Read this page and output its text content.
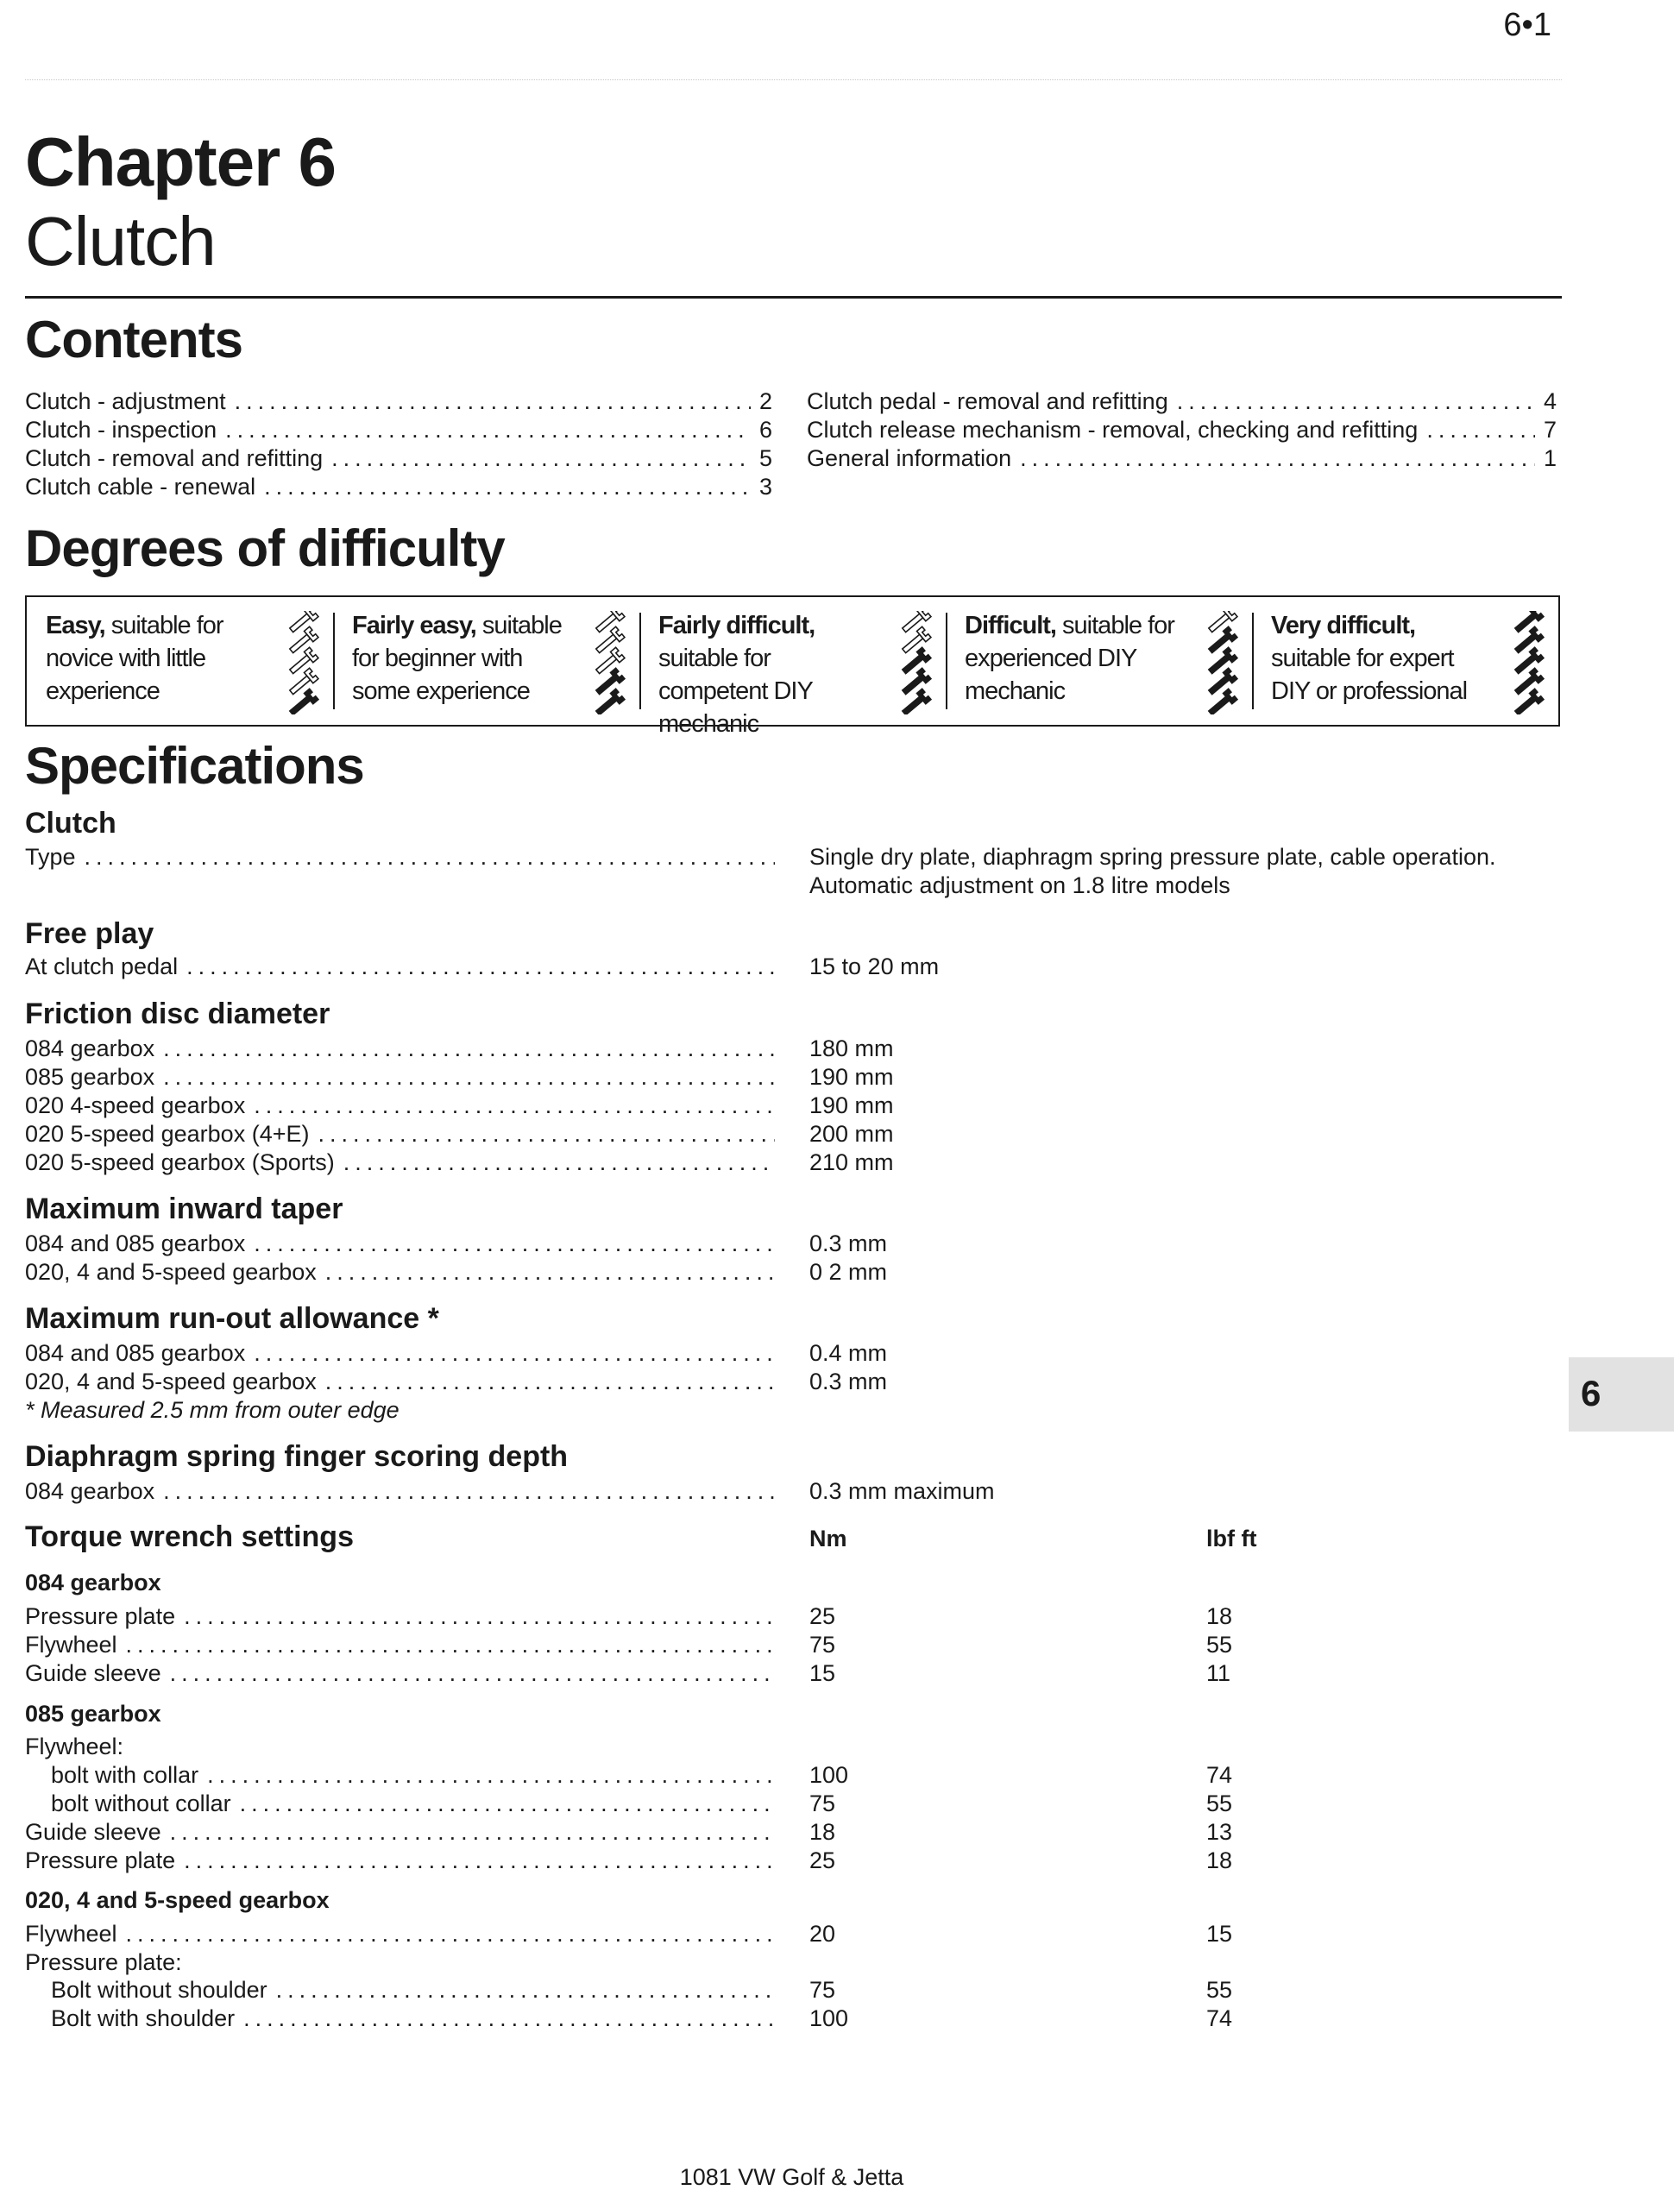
6•1
Chapter 6
Clutch
Contents
Clutch - adjustment .....	2
Clutch - inspection .....	6
Clutch - removal and refitting .....	5
Clutch cable - renewal .....	3
Clutch pedal - removal and refitting .....	4
Clutch release mechanism - removal, checking and refitting .....	7
General information .....	1
Degrees of difficulty
Easy, suitable for novice with little experience
Fairly easy, suitable for beginner with some experience
Fairly difficult, suitable for competent DIY mechanic
Difficult, suitable for experienced DIY mechanic
Very difficult, suitable for expert DIY or professional
Specifications
Clutch
Type .....	Single dry plate, diaphragm spring pressure plate, cable operation.
Automatic adjustment on 1.8 litre models
Free play
At clutch pedal .....	15 to 20 mm
Friction disc diameter
084 gearbox .....	180 mm
085 gearbox .....	190 mm
020 4-speed gearbox .....	190 mm
020 5-speed gearbox (4+E) .....	200 mm
020 5-speed gearbox (Sports) .....	210 mm
Maximum inward taper
084 and 085 gearbox .....	0.3 mm
020, 4 and 5-speed gearbox .....	0 2 mm
Maximum run-out allowance *
084 and 085 gearbox .....	0.4 mm
020, 4 and 5-speed gearbox .....	0.3 mm
* Measured 2.5 mm from outer edge
Diaphragm spring finger scoring depth
084 gearbox .....	0.3 mm maximum
Torque wrench settings	Nm	lbf ft
084 gearbox
Pressure plate .....	25	18
Flywheel .....	75	55
Guide sleeve .....	15	11
085 gearbox
Flywheel:
bolt with collar .....	100	74
bolt without collar .....	75	55
Guide sleeve .....	18	13
Pressure plate .....	25	18
020, 4 and 5-speed gearbox
Flywheel .....	20	15
Pressure plate:
Bolt without shoulder .....	75	55
Bolt with shoulder .....	100	74
6
1081 VW Golf & Jetta
